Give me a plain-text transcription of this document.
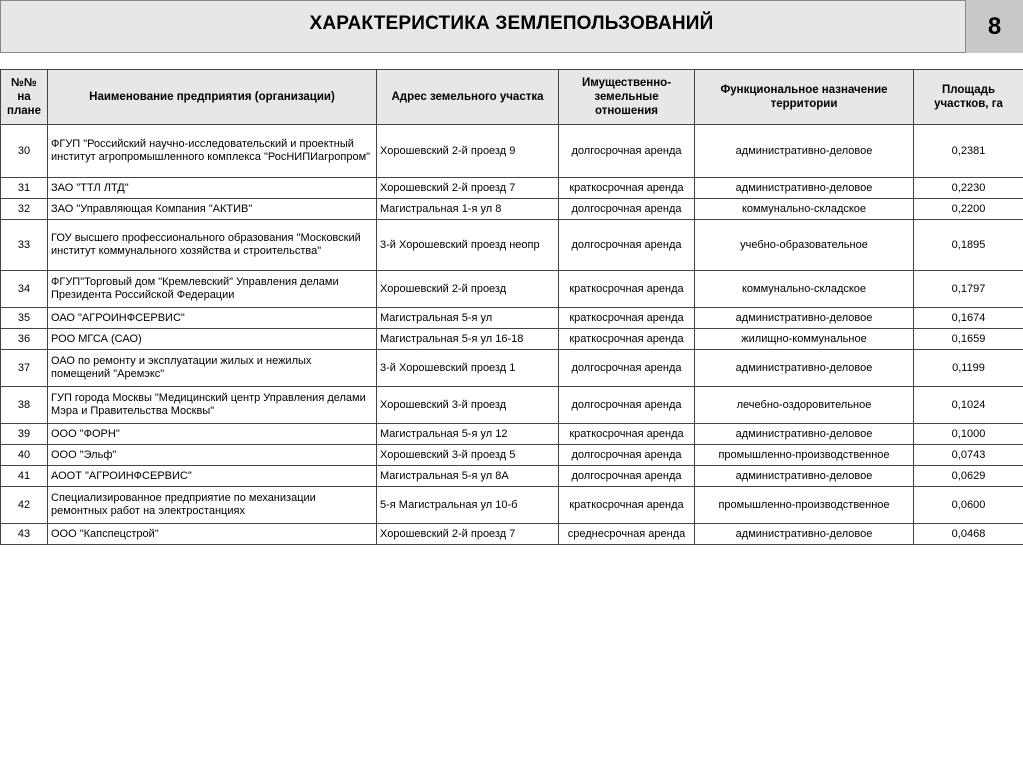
ХАРАКТЕРИСТИКА ЗЕМЛЕПОЛЬЗОВАНИЙ	8
№№ на плане	Наименование предприятия (организации)	Адрес земельного участка	Имущественно-земельные отношения	Функциональное назначение территории	Площадь участков, га
30	ФГУП "Российский научно-исследовательский и проектный институт агропромышленного комплекса "РосНИПИагропром"	Хорошевский 2-й проезд 9	долгосрочная аренда	административно-деловое	0,2381
31	ЗАО "ТТЛ ЛТД"	Хорошевский 2-й проезд 7	краткосрочная аренда	административно-деловое	0,2230
32	ЗАО "Управляющая Компания "АКТИВ"	Магистральная 1-я ул 8	долгосрочная аренда	коммунально-складское	0,2200
33	ГОУ высшего профессионального образования "Московский институт коммунального хозяйства и строительства"	3-й Хорошевский проезд неопр	долгосрочная аренда	учебно-образовательное	0,1895
34	ФГУП"Торговый дом "Кремлевский" Управления делами Президента Российской Федерации	Хорошевский 2-й проезд	краткосрочная аренда	коммунально-складское	0,1797
35	ОАО "АГРОИНФСЕРВИС"	Магистральная 5-я ул	краткосрочная аренда	административно-деловое	0,1674
36	РОО МГСА (САО)	Магистральная 5-я ул 16-18	краткосрочная аренда	жилищно-коммунальное	0,1659
37	ОАО по ремонту и эксплуатации жилых и нежилых помещений "Аремэкс"	3-й Хорошевский проезд 1	долгосрочная аренда	административно-деловое	0,1199
38	ГУП города Москвы "Медицинский центр Управления делами Мэра и Правительства Москвы"	Хорошевский 3-й проезд	долгосрочная аренда	лечебно-оздоровительное	0,1024
39	ООО "ФОРН"	Магистральная 5-я ул 12	краткосрочная аренда	административно-деловое	0,1000
40	ООО "Эльф"	Хорошевский 3-й проезд 5	долгосрочная аренда	промышленно-производственное	0,0743
41	АООТ "АГРОИНФСЕРВИС"	Магистральная 5-я ул 8А	долгосрочная аренда	административно-деловое	0,0629
42	Специализированное предприятие по механизации ремонтных работ на электростанциях	5-я Магистральная ул 10-б	краткосрочная аренда	промышленно-производственное	0,0600
43	ООО "Капспецстрой"	Хорошевский 2-й проезд 7	среднесрочная аренда	административно-деловое	0,0468
